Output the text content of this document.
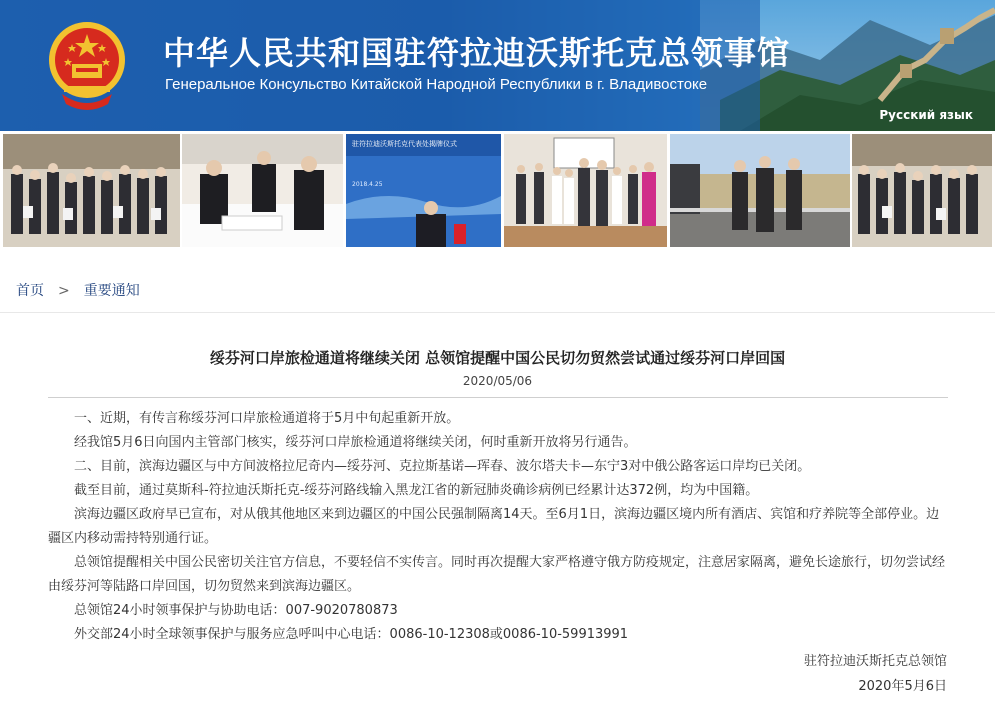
中华人民共和国驻符拉迪沃斯托克总领事馆
Генеральное Консульство Китайской Народной Республики в г. Владивостоке
Русский язык
驻符拉迪沃斯托克代表处揭牌仪式
2018.4.25
首页 > 重要通知
绥芬河口岸旅检通道将继续关闭 总领馆提醒中国公民切勿贸然尝试通过绥芬河口岸回国
2020/05/06

一、近期，有传言称绥芬河口岸旅检通道将于5月中旬起重新开放。

经我馆5月6日向国内主管部门核实，绥芬河口岸旅检通道将继续关闭，何时重新开放将另行通告。

二、目前，滨海边疆区与中方间波格拉尼奇内—绥芬河、克拉斯基诺—珲春、波尔塔夫卡—东宁3对中俄公路客运口岸均已关闭。

截至目前，通过莫斯科-符拉迪沃斯托克-绥芬河路线输入黑龙江省的新冠肺炎确诊病例已经累计达372例，均为中国籍。

滨海边疆区政府早已宣布，对从俄其他地区来到边疆区的中国公民强制隔离14天。至6月1日，滨海边疆区境内所有酒店、宾馆和疗养院等全部停业。边疆区内移动需持特别通行证。

总领馆提醒相关中国公民密切关注官方信息，不要轻信不实传言。同时再次提醒大家严格遵守俄方防疫规定，注意居家隔离，避免长途旅行，切勿尝试经由绥芬河等陆路口岸回国，切勿贸然来到滨海边疆区。

总领馆24小时领事保护与协助电话：007-9020780873

外交部24小时全球领事保护与服务应急呼叫中心电话：0086-10-12308或0086-10-59913991

驻符拉迪沃斯托克总领馆
2020年5月6日
